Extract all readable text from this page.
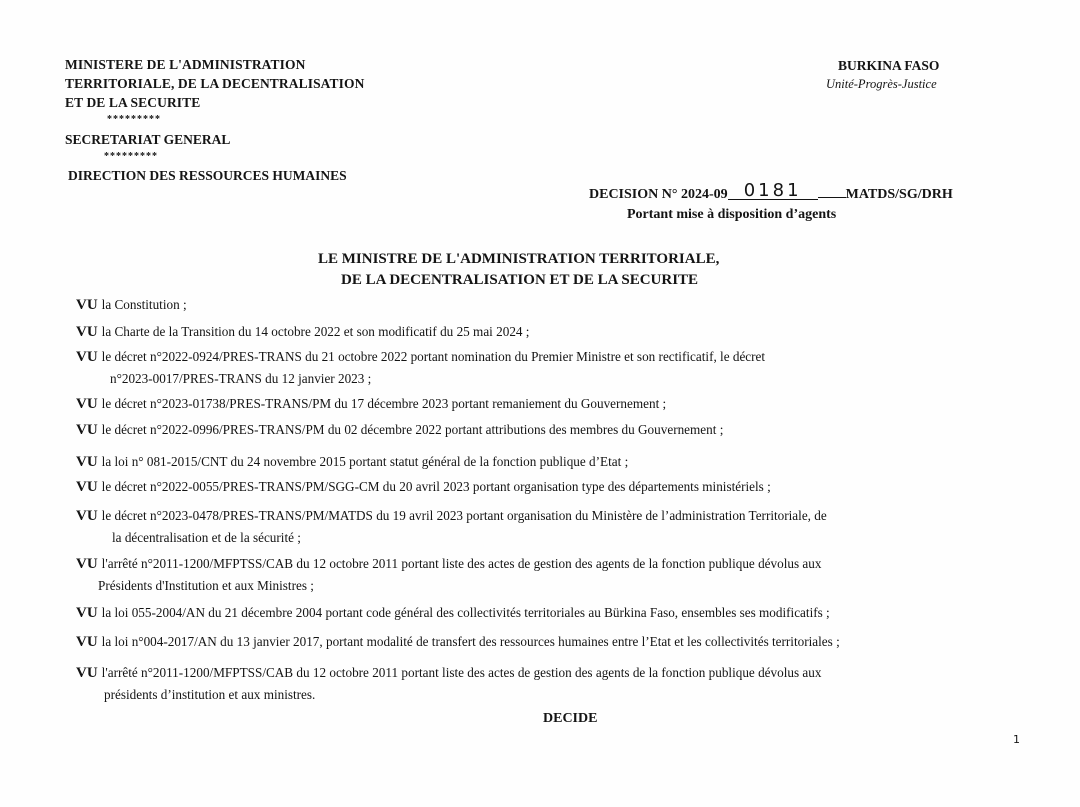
MINISTERE DE L'ADMINISTRATION
TERRITORIALE, DE LA DECENTRALISATION
ET DE LA SECURITE
*********
SECRETARIAT GENERAL
*********
DIRECTION DES RESSOURCES HUMAINES
BURKINA FASO
Unité-Progrès-Justice
DECISION N° 2024-09 0181	MATDS/SG/DRH
Portant mise à disposition d’agents
LE MINISTRE DE L'ADMINISTRATION TERRITORIALE,
DE LA DECENTRALISATION ET DE LA SECURITE
VU la Constitution ;
VU la Charte de la Transition du 14 octobre 2022 et son modificatif du 25 mai 2024 ;
VU le décret n°2022-0924/PRES-TRANS du 21 octobre 2022 portant nomination du Premier Ministre et son rectificatif, le décret
n°2023-0017/PRES-TRANS du 12 janvier 2023 ;
VU le décret n°2023-01738/PRES-TRANS/PM du 17 décembre 2023 portant remaniement du Gouvernement ;
VU le décret n°2022-0996/PRES-TRANS/PM du 02 décembre 2022 portant attributions des membres du Gouvernement ;
VU la loi n° 081-2015/CNT du 24 novembre 2015 portant statut général de la fonction publique d’Etat ;
VU le décret n°2022-0055/PRES-TRANS/PM/SGG-CM du 20 avril 2023 portant organisation type des départements ministériels ;
VU le décret n°2023-0478/PRES-TRANS/PM/MATDS du 19 avril 2023 portant organisation du Ministère de l’administration Territoriale, de
la décentralisation et de la sécurité ;
VU l'arrêté n°2011-1200/MFPTSS/CAB du 12 octobre 2011 portant liste des actes de gestion des agents de la fonction publique dévolus aux
Présidents d'Institution et aux Ministres ;
VU la loi 055-2004/AN du 21 décembre 2004 portant code général des collectivités territoriales au Bürkina Faso, ensembles ses modificatifs ;
VU la loi n°004-2017/AN du 13 janvier 2017, portant modalité de transfert des ressources humaines entre l’Etat et les collectivités territoriales ;
VU l'arrêté n°2011-1200/MFPTSS/CAB du 12 octobre 2011 portant liste des actes de gestion des agents de la fonction publique dévolus aux
présidents d’institution et aux ministres.
DECIDE
1
